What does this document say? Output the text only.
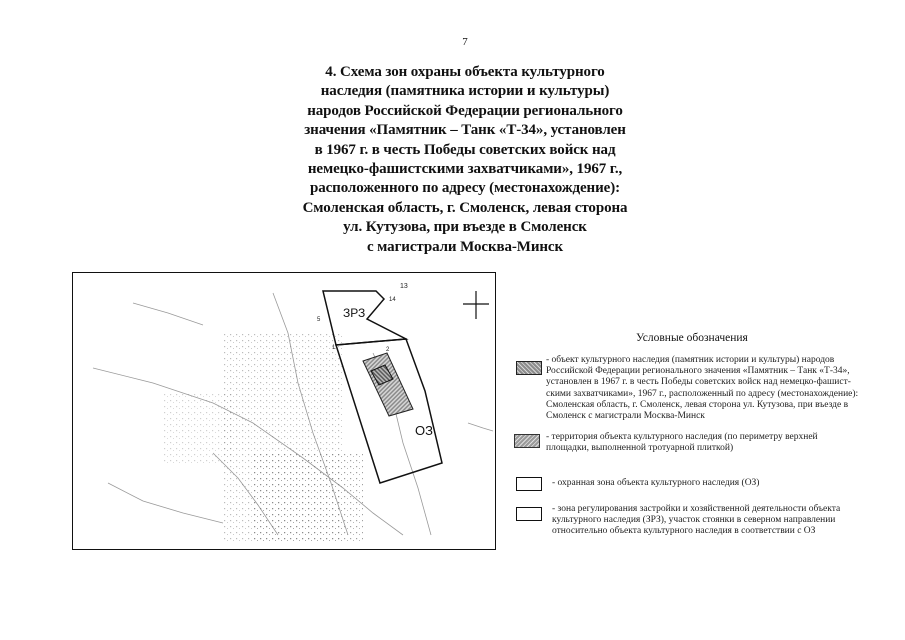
7
4. Схема зон охраны объекта культурного
наследия (памятника истории и культуры)
народов Российской Федерации регионального
значения «Памятник – Танк «Т-34», установлен
в 1967 г. в честь Победы советских войск над
немецко-фашистскими захватчиками», 1967 г.,
расположенного по адресу (местонахождение):
Смоленская область, г. Смоленск, левая сторона
ул. Кутузова, при въезде в Смоленск
с магистрали Москва-Минск
ЗРЗ
ОЗ
13
14
2
5
1
Условные обозначения
- объект культурного наследия (памятник истории и культуры) народов
Российской Федерации регионального значения «Памятник – Танк «Т-34»,
установлен в 1967 г. в честь Победы советских войск над немецко-фашист-
скими захватчиками», 1967 г., расположенный по адресу (местонахождение):
Смоленская область, г. Смоленск, левая сторона ул. Кутузова, при въезде в
Смоленск с магистрали Москва-Минск
- территория объекта культурного наследия (по периметру верхней
площадки, выполненной тротуарной плиткой)
- охранная зона объекта культурного наследия (ОЗ)
- зона регулирования застройки и хозяйственной деятельности объекта
культурного наследия (ЗРЗ), участок стоянки в северном направлении
относительно объекта культурного наследия в соответствии с ОЗ
